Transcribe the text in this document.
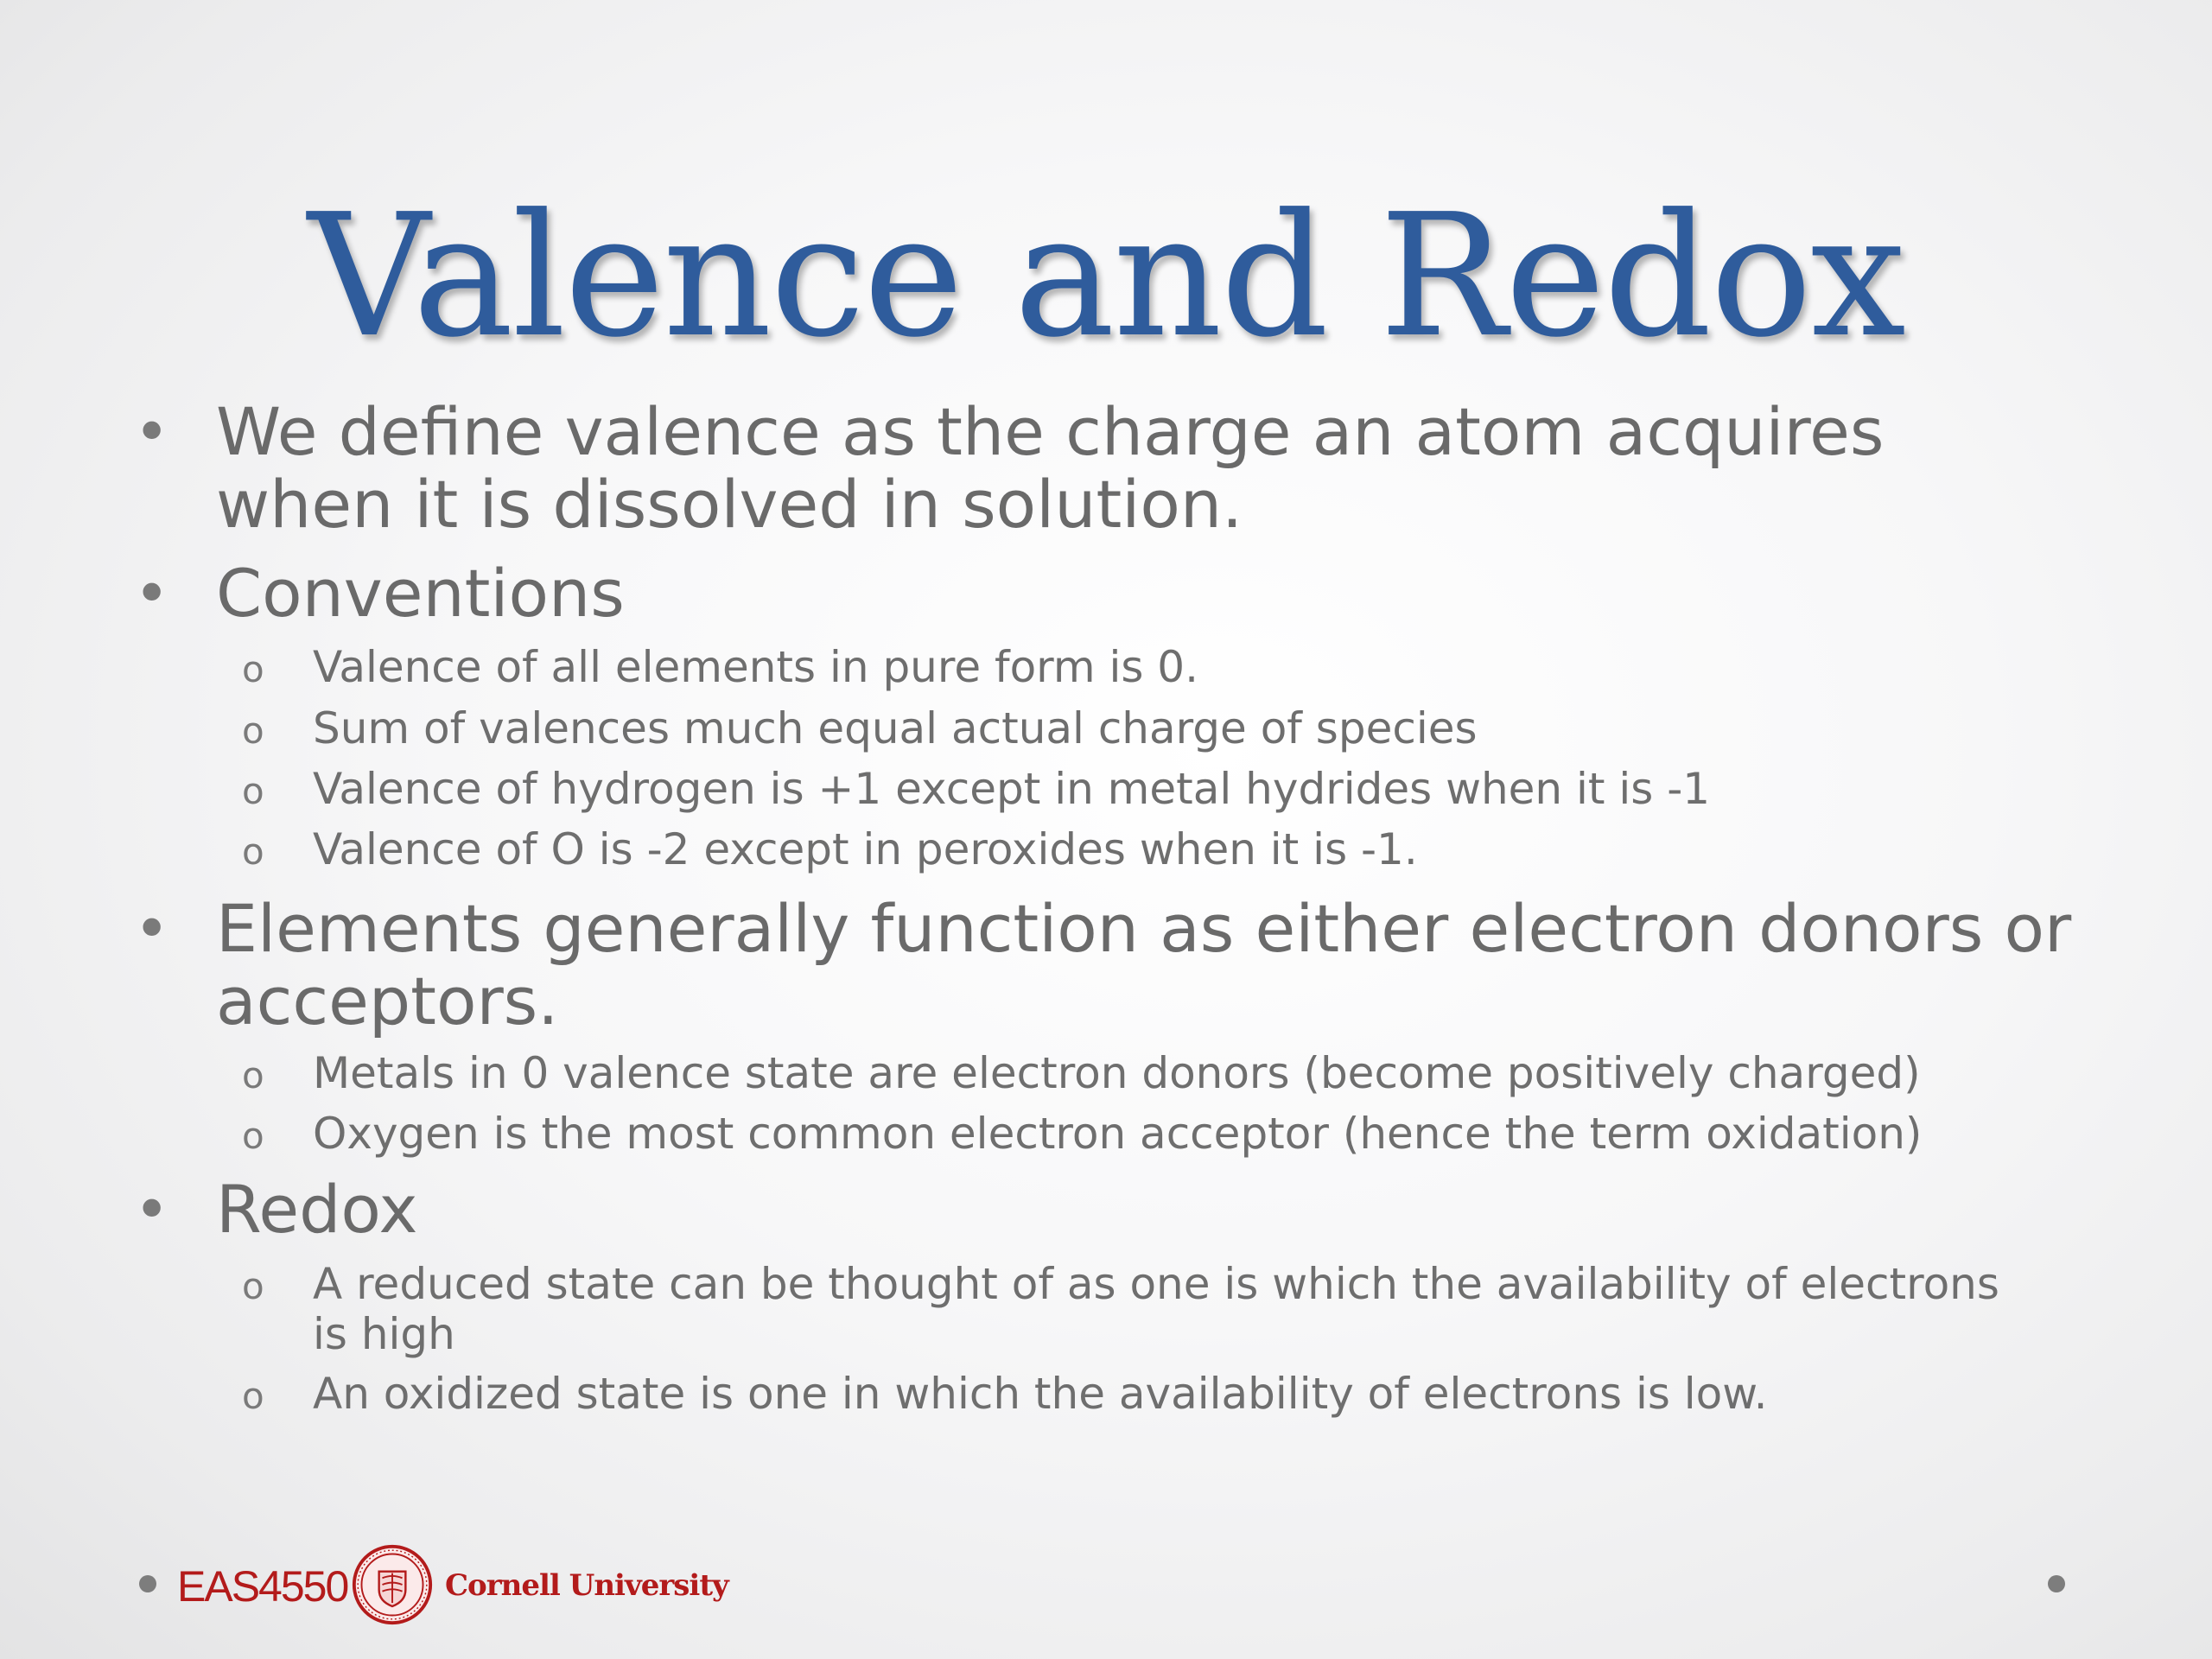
Valence and Redox
• We define valence as the charge an atom acquires
when it is dissolved in solution.
• Conventions
o Valence of all elements in pure form is 0.
o Sum of valences much equal actual charge of species
o Valence of hydrogen is +1 except in metal hydrides when it is -1
o Valence of O is -2 except in peroxides when it is -1.
• Elements generally function as either electron donors or
acceptors.
o Metals in 0 valence state are electron donors (become positively charged)
o Oxygen is the most common electron acceptor (hence the term oxidation)
• Redox
o A reduced state can be thought of as one is which the availability of electrons
is high
o An oxidized state is one in which the availability of electrons is low.
EAS4550	Cornell University
